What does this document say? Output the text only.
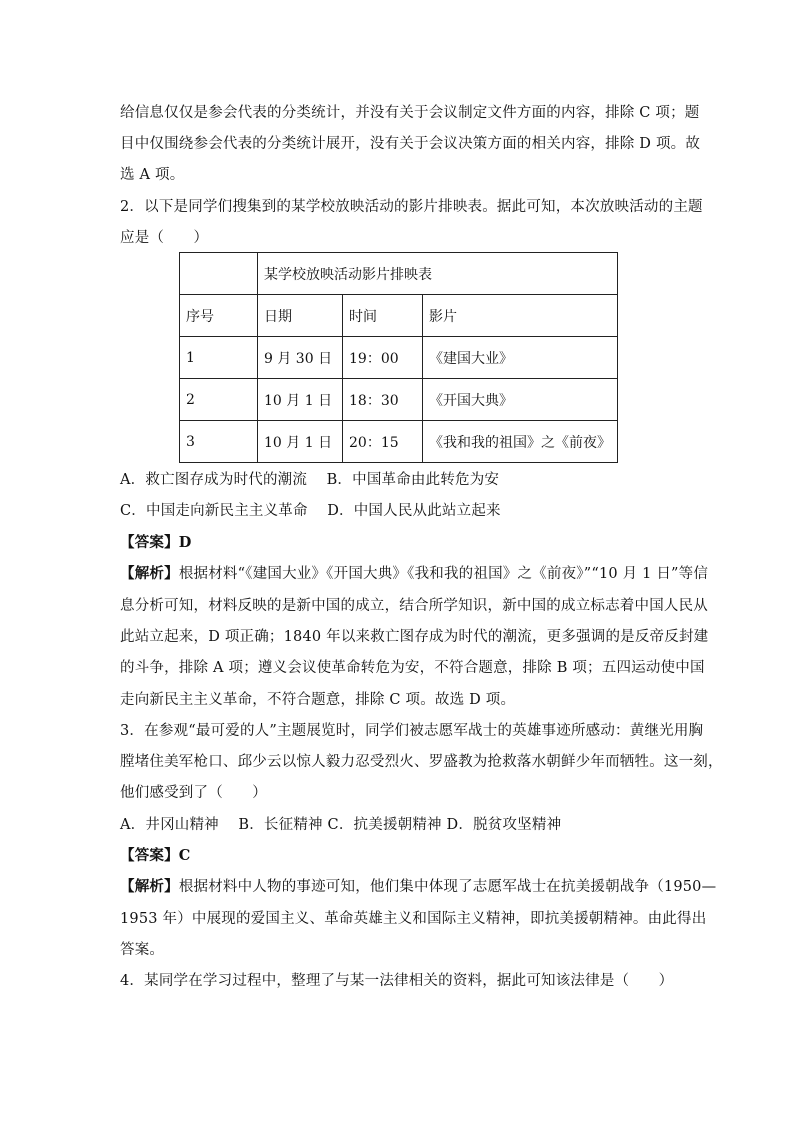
给信息仅仅是参会代表的分类统计，并没有关于会议制定文件方面的内容，排除 C 项；题
目中仅围绕参会代表的分类统计展开，没有关于会议决策方面的相关内容，排除 D 项。故
选 A 项。
2．以下是同学们搜集到的某学校放映活动的影片排映表。据此可知，本次放映活动的主题
应是（　　）
	某学校放映活动影片排映表		
序号	日期	时间	影片
1	9 月 30 日	19：00	《建国大业》
2	10 月 1 日	18：30	《开国大典》
3	10 月 1 日	20：15	《我和我的祖国》之《前夜》
A．救亡图存成为时代的潮流　 B．中国革命由此转危为安
C．中国走向新民主主义革命　 D．中国人民从此站立起来
【答案】D
【解析】根据材料“《建国大业》《开国大典》《我和我的祖国》之《前夜》”“10 月 1 日”等信
息分析可知，材料反映的是新中国的成立，结合所学知识，新中国的成立标志着中国人民从
此站立起来，D 项正确；1840 年以来救亡图存成为时代的潮流，更多强调的是反帝反封建
的斗争，排除 A 项；遵义会议使革命转危为安，不符合题意，排除 B 项；五四运动使中国
走向新民主主义革命，不符合题意，排除 C 项。故选 D 项。
3．在参观“最可爱的人”主题展览时，同学们被志愿军战士的英雄事迹所感动：黄继光用胸
膛堵住美军枪口、邱少云以惊人毅力忍受烈火、罗盛教为抢救落水朝鲜少年而牺牲。这一刻，
他们感受到了（　　）
A．井冈山精神　 B．长征精神 C．抗美援朝精神 D．脱贫攻坚精神
【答案】C
【解析】根据材料中人物的事迹可知，他们集中体现了志愿军战士在抗美援朝战争（1950—
1953 年）中展现的爱国主义、革命英雄主义和国际主义精神，即抗美援朝精神。由此得出
答案。
4．某同学在学习过程中，整理了与某一法律相关的资料，据此可知该法律是（　　）
